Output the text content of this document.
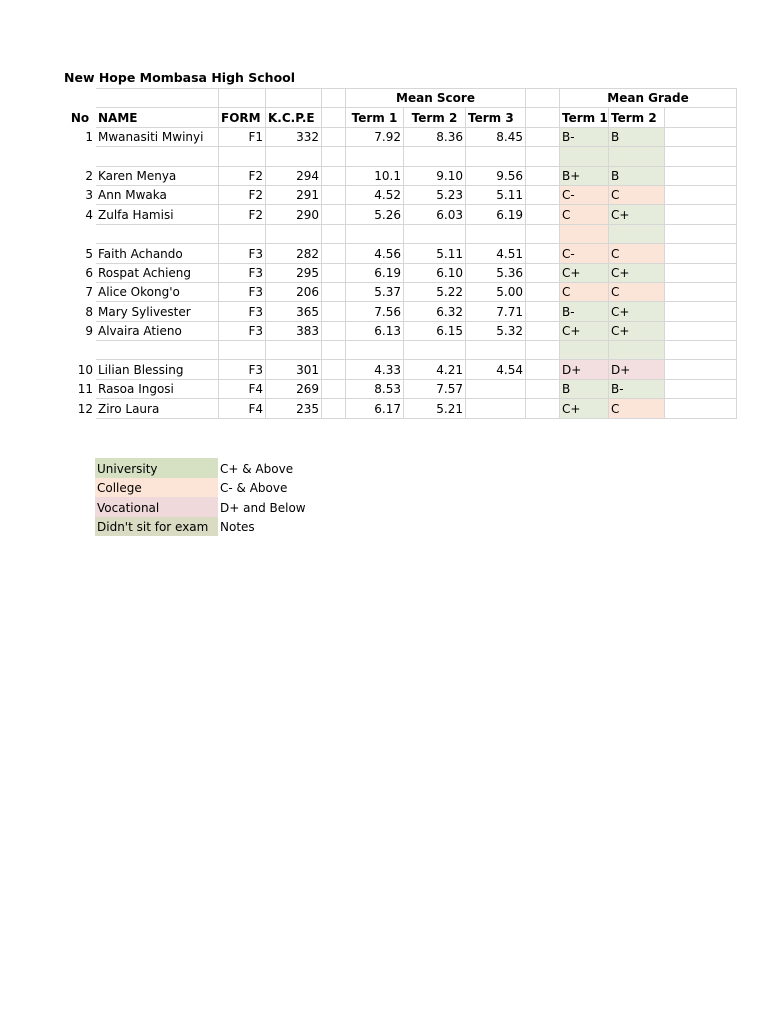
New Hope Mombasa High School
					Mean Score				Mean Grade		
No	NAME	FORM	K.C.P.E		Term 1	Term 2	Term 3		Term 1	Term 2	
1	Mwanasiti Mwinyi	F1	332		7.92	8.36	8.45		B-	B	

2	Karen Menya	F2	294		10.1	9.10	9.56		B+	B	
3	Ann Mwaka	F2	291		4.52	5.23	5.11		C-	C	
4	Zulfa Hamisi	F2	290		5.26	6.03	6.19		C	C+	

5	Faith Achando	F3	282		4.56	5.11	4.51		C-	C	
6	Rospat Achieng	F3	295		6.19	6.10	5.36		C+	C+	
7	Alice Okong'o	F3	206		5.37	5.22	5.00		C	C	
8	Mary Sylivester	F3	365		7.56	6.32	7.71		B-	C+	
9	Alvaira Atieno	F3	383		6.13	6.15	5.32		C+	C+	

10	Lilian Blessing	F3	301		4.33	4.21	4.54		D+	D+	
11	Rasoa Ingosi	F4	269		8.53	7.57			B	B-	
12	Ziro Laura	F4	235		6.17	5.21			C+	C	
University	C+ & Above
College	C- & Above
Vocational	D+ and Below
Didn't sit for exam	Notes
